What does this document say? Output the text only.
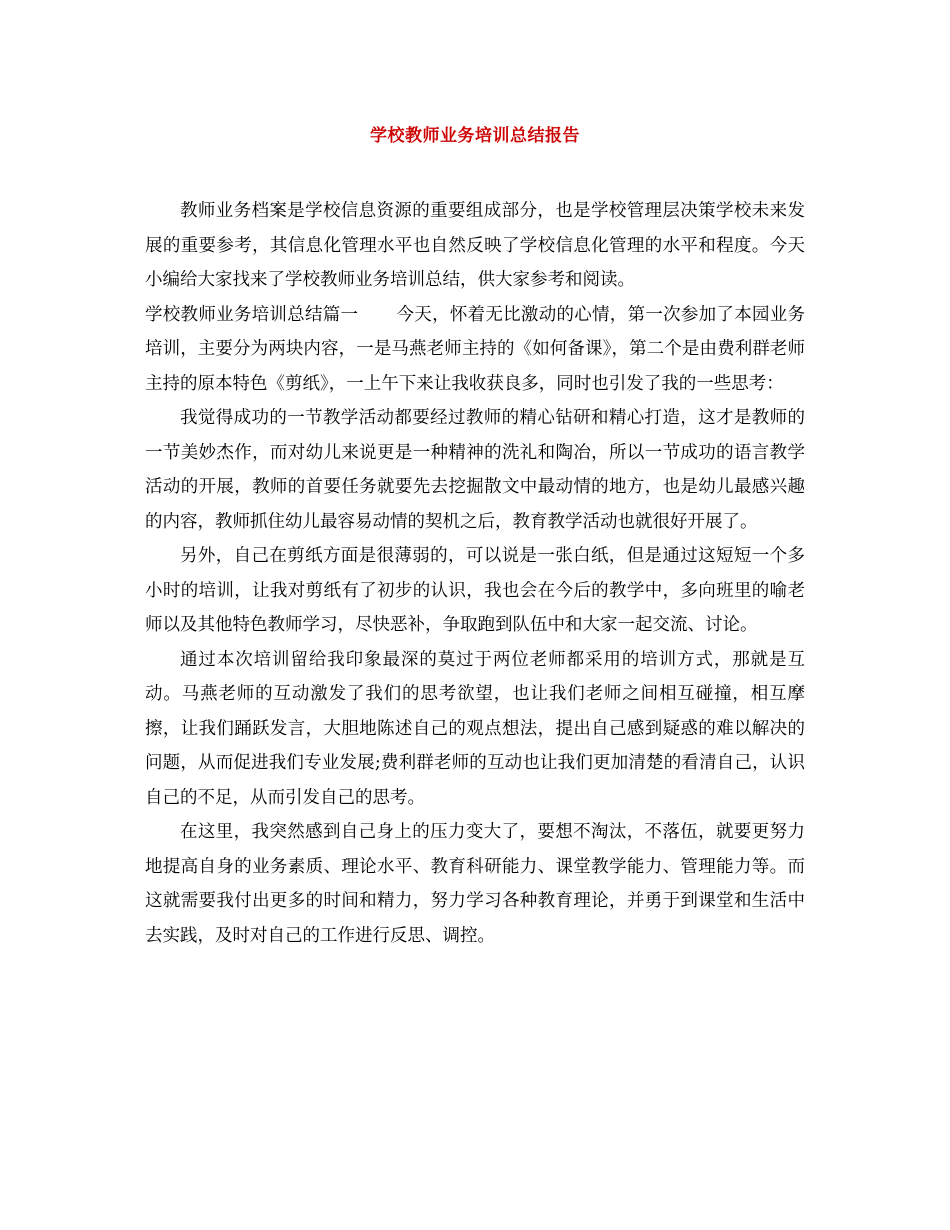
学校教师业务培训总结报告

教师业务档案是学校信息资源的重要组成部分，也是学校管理层决策学校未来发展的重要参考，其信息化管理水平也自然反映了学校信息化管理的水平和程度。今天小编给大家找来了学校教师业务培训总结，供大家参考和阅读。

学校教师业务培训总结篇一 今天，怀着无比激动的心情，第一次参加了本园业务培训，主要分为两块内容，一是马燕老师主持的《如何备课》，第二个是由费利群老师主持的原本特色《剪纸》，一上午下来让我收获良多，同时也引发了我的一些思考：

我觉得成功的一节教学活动都要经过教师的精心钻研和精心打造，这才是教师的一节美妙杰作，而对幼儿来说更是一种精神的洗礼和陶冶，所以一节成功的语言教学活动的开展，教师的首要任务就要先去挖掘散文中最动情的地方，也是幼儿最感兴趣的内容，教师抓住幼儿最容易动情的契机之后，教育教学活动也就很好开展了。

另外，自己在剪纸方面是很薄弱的，可以说是一张白纸，但是通过这短短一个多小时的培训，让我对剪纸有了初步的认识，我也会在今后的教学中，多向班里的喻老师以及其他特色教师学习，尽快恶补，争取跑到队伍中和大家一起交流、讨论。

通过本次培训留给我印象最深的莫过于两位老师都采用的培训方式，那就是互动。马燕老师的互动激发了我们的思考欲望，也让我们老师之间相互碰撞，相互摩擦，让我们踊跃发言，大胆地陈述自己的观点想法，提出自己感到疑惑的难以解决的问题，从而促进我们专业发展;费利群老师的互动也让我们更加清楚的看清自己，认识自己的不足，从而引发自己的思考。

在这里，我突然感到自己身上的压力变大了，要想不淘汰，不落伍，就要更努力地提高自身的业务素质、理论水平、教育科研能力、课堂教学能力、管理能力等。而这就需要我付出更多的时间和精力，努力学习各种教育理论，并勇于到课堂和生活中去实践，及时对自己的工作进行反思、调控。
